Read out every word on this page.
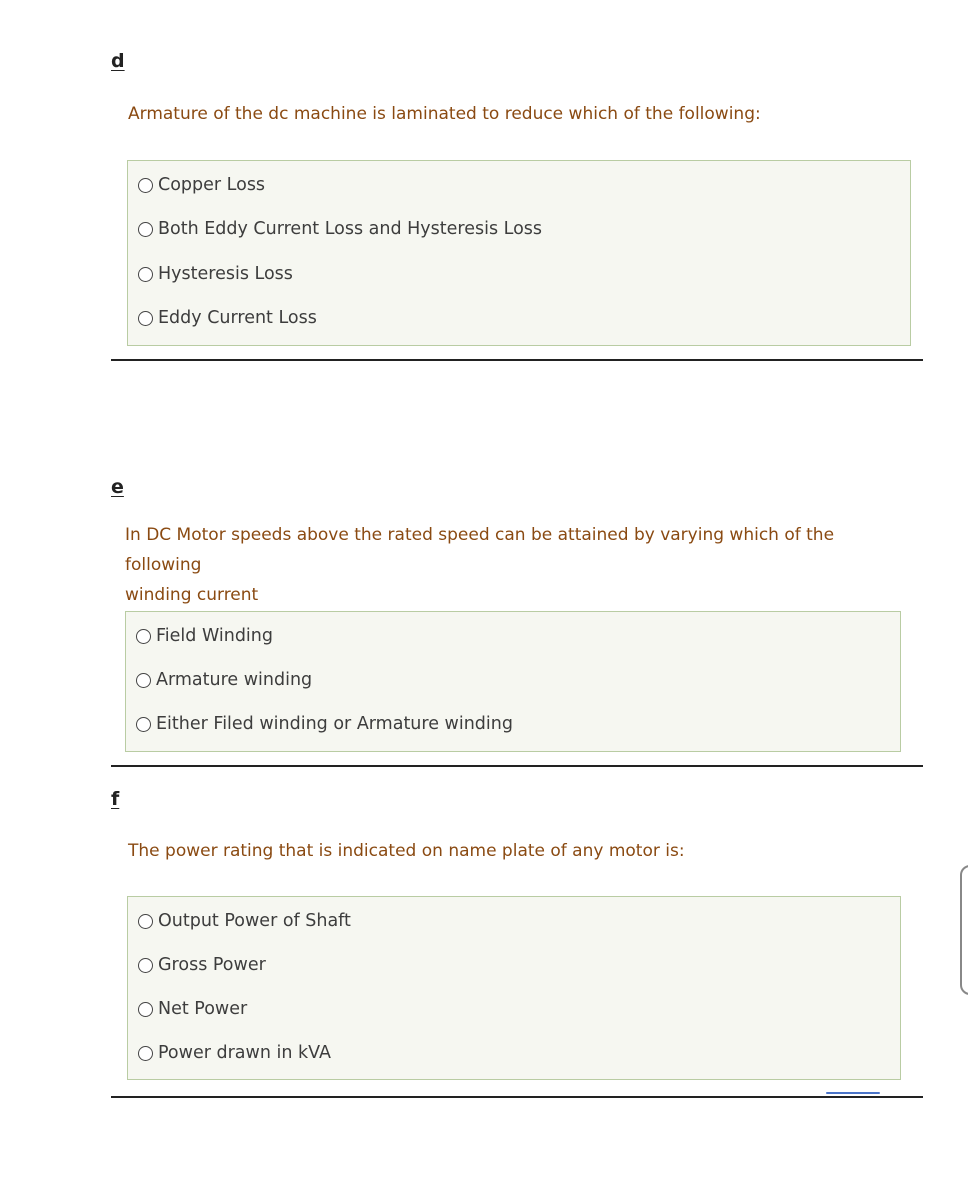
d
Armature of the dc machine is laminated to reduce which of the following:
Copper Loss
Both Eddy Current Loss and Hysteresis Loss
Hysteresis Loss
Eddy Current Loss
e
In DC Motor speeds above the rated speed can be attained by varying which of the following
winding current
Field Winding
Armature winding
Either Filed winding or Armature winding
f
The power rating that is indicated on name plate of any motor is:
Output Power of Shaft
Gross Power
Net Power
Power drawn in kVA
